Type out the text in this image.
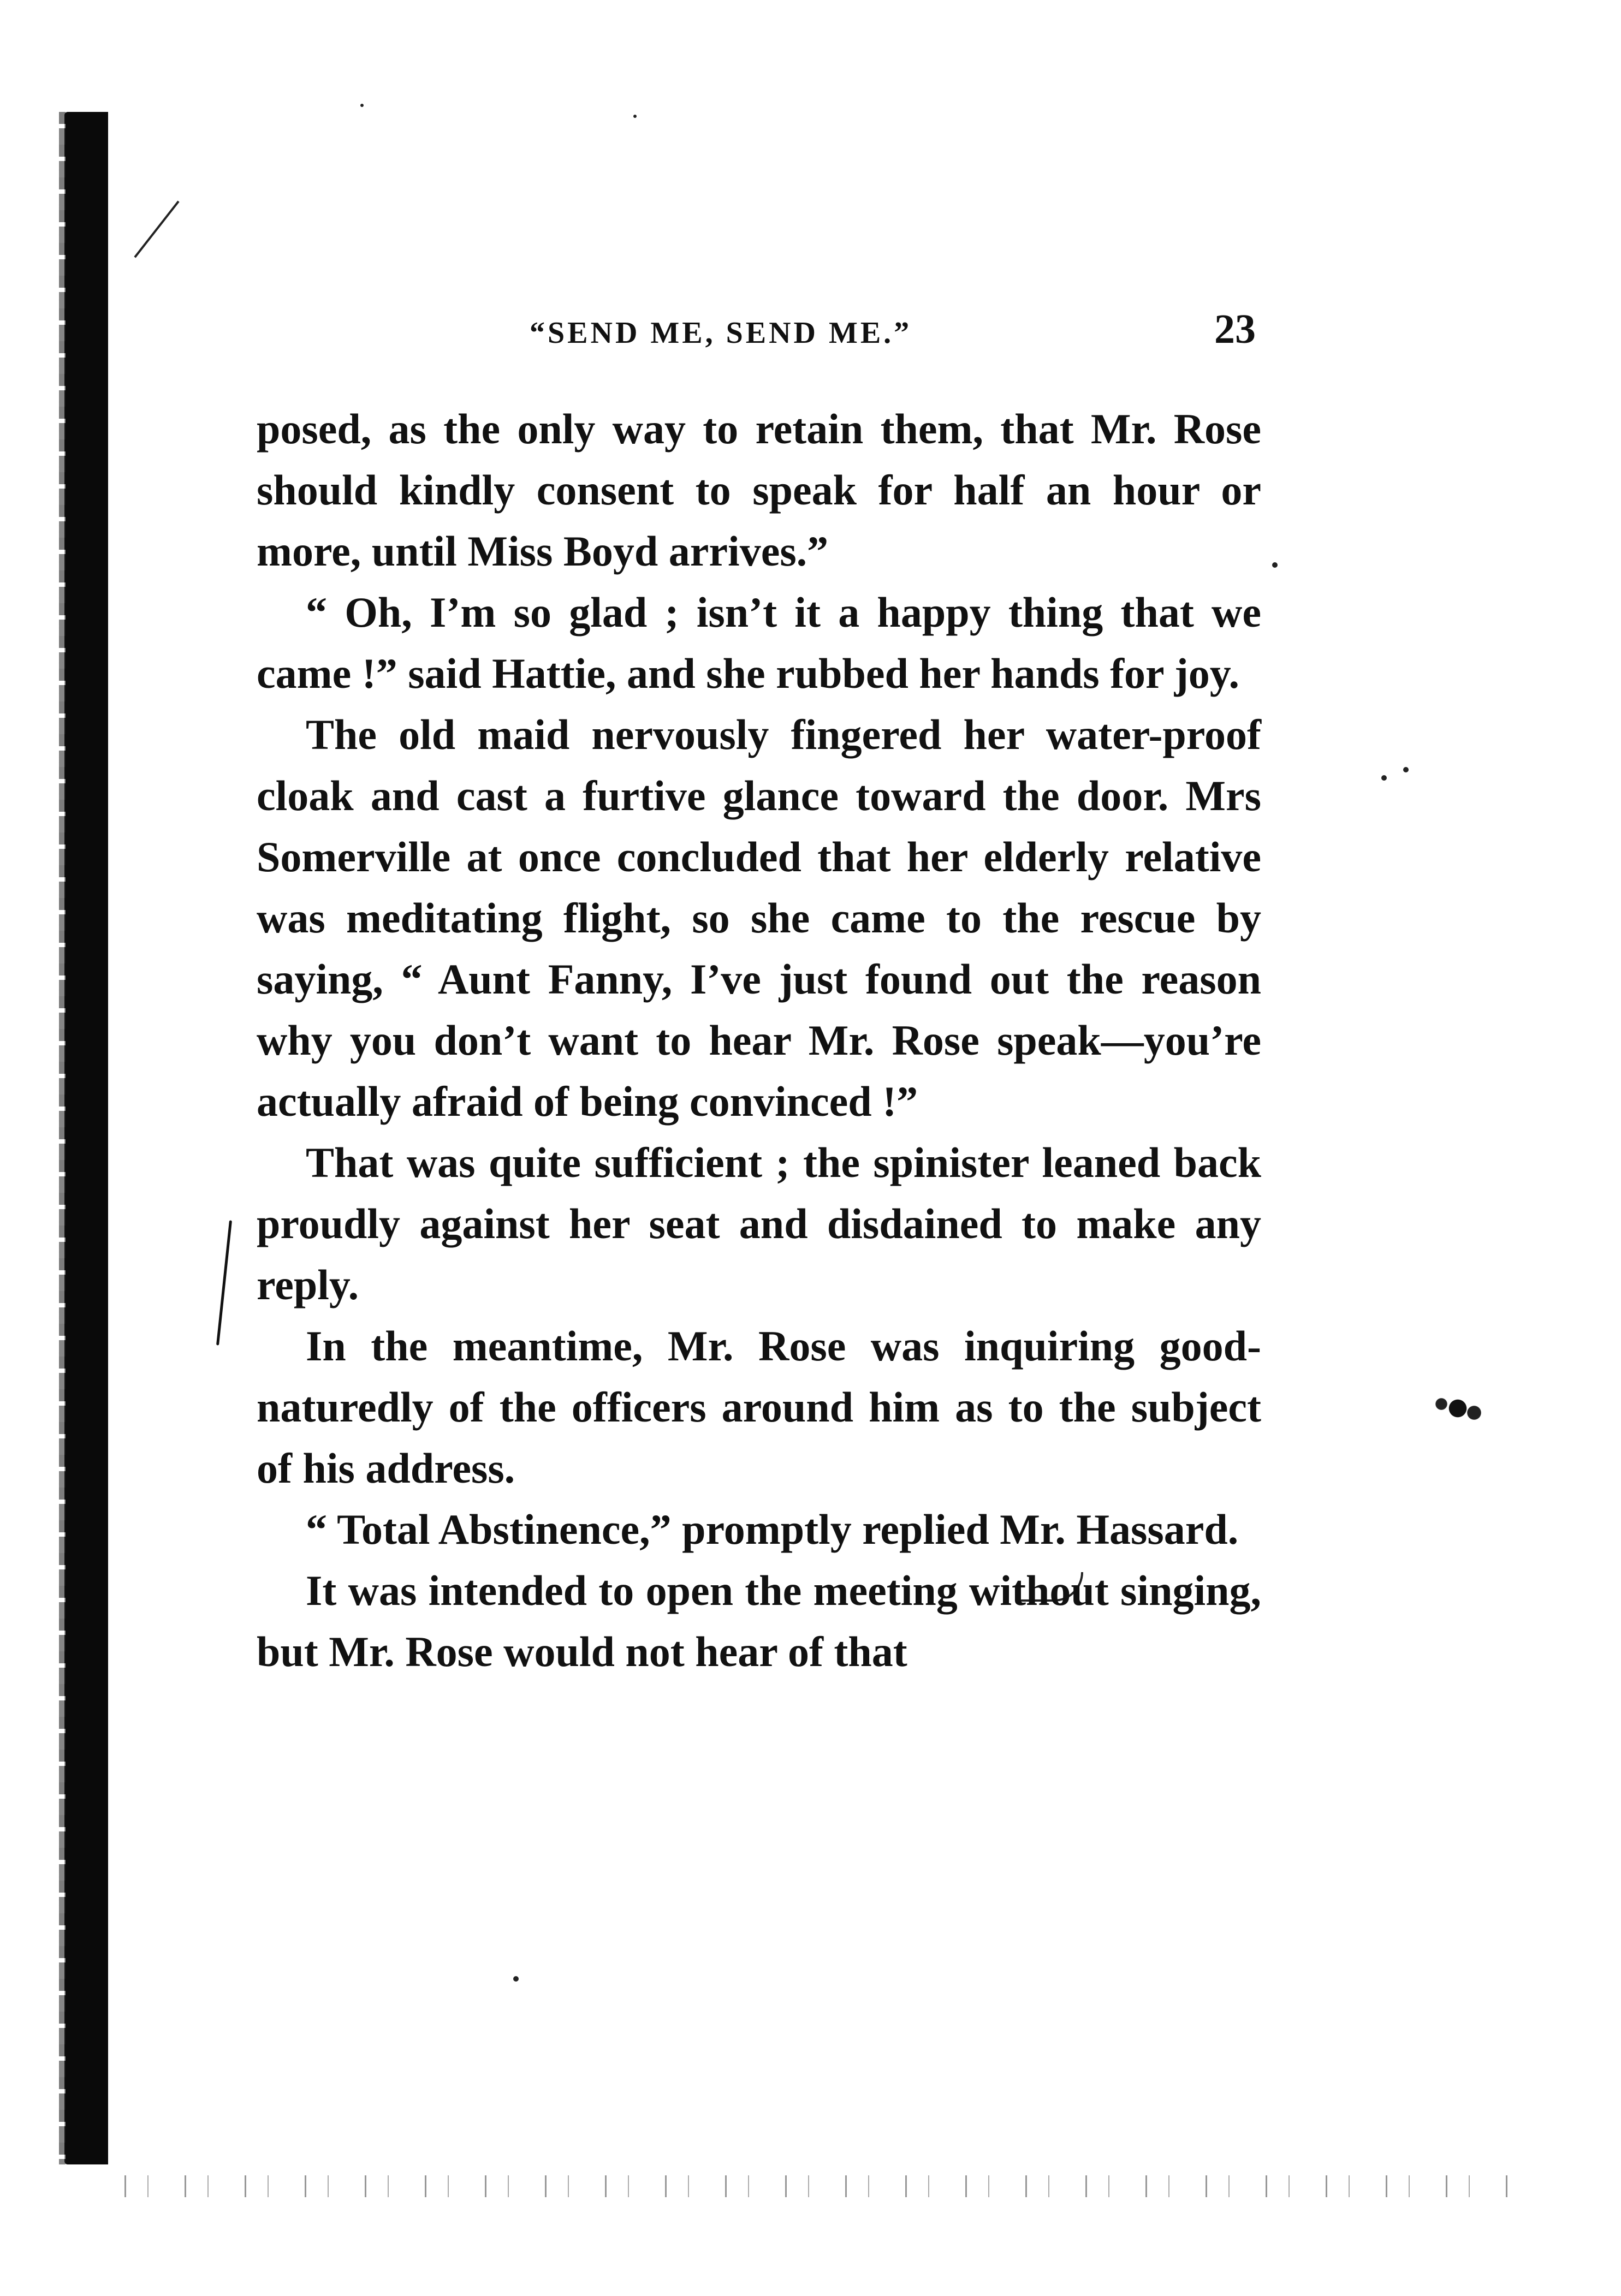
“SEND ME, SEND ME.”	23

posed, as the only way to retain them, that Mr. Rose should kindly consent to speak for half an hour or more, until Miss Boyd arrives.”

“ Oh, I’m so glad ; isn’t it a happy thing that we came !” said Hattie, and she rubbed her hands for joy.

The old maid nervously fingered her water-proof cloak and cast a furtive glance toward the door. Mrs Somerville at once concluded that her elderly relative was meditating flight, so she came to the rescue by saying, “ Aunt Fanny, I’ve just found out the reason why you don’t want to hear Mr. Rose speak—you’re actually afraid of being convinced !”

That was quite sufficient ; the spinister leaned back proudly against her seat and disdained to make any reply.

In the meantime, Mr. Rose was inquiring good-naturedly of the officers around him as to the subject of his address.

“ Total Abstinence,” promptly replied Mr. Hassard.

It was intended to open the meeting without singing, but Mr. Rose would not hear of that
